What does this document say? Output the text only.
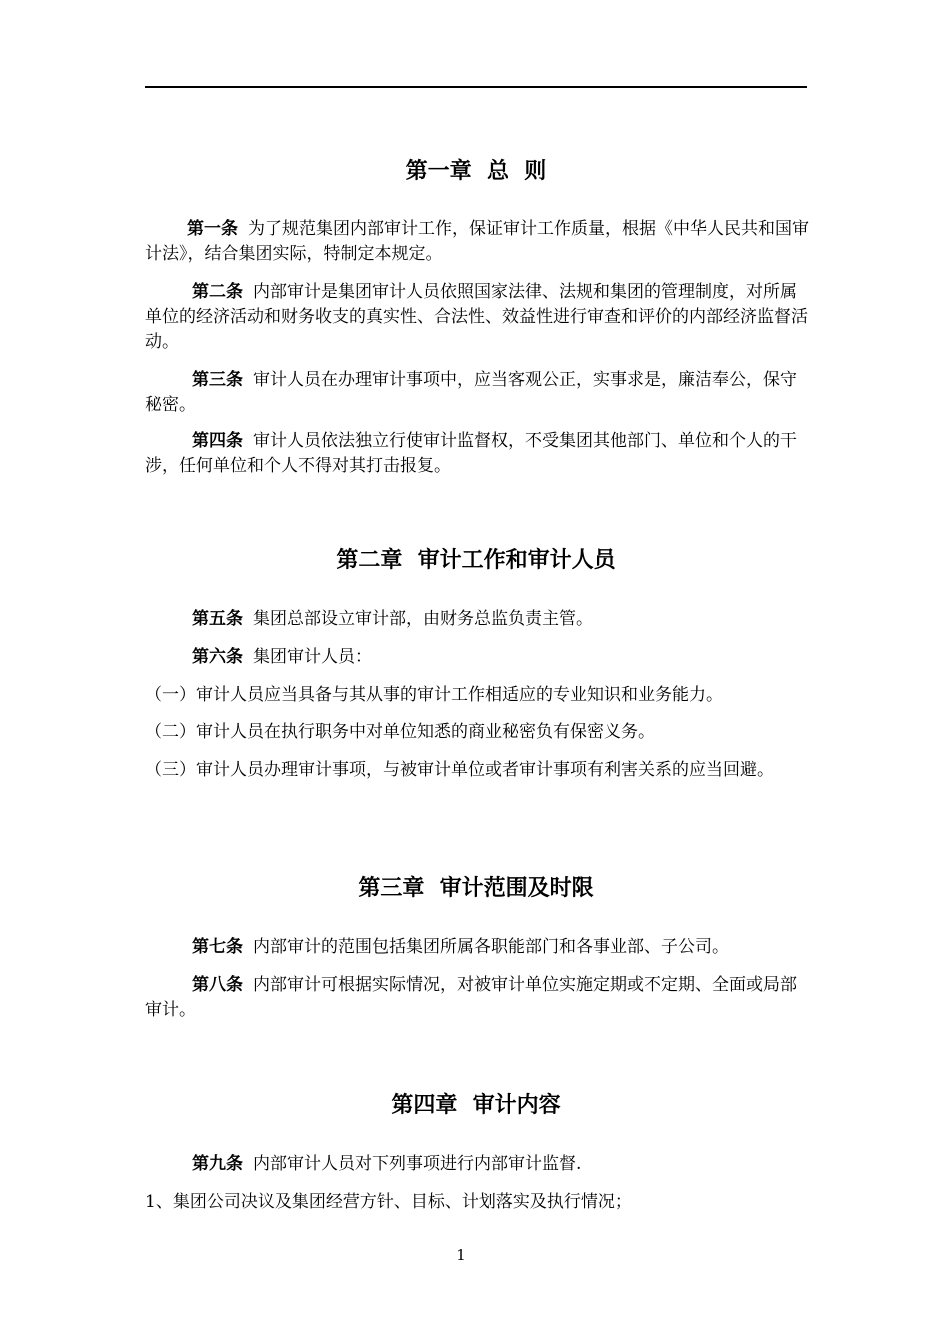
第一章  总  则

第一条 为了规范集团内部审计工作，保证审计工作质量，根据《中华人民共和国审计法》，结合集团实际，特制定本规定。

第二条 内部审计是集团审计人员依照国家法律、法规和集团的管理制度，对所属单位的经济活动和财务收支的真实性、合法性、效益性进行审查和评价的内部经济监督活动。

第三条 审计人员在办理审计事项中，应当客观公正，实事求是，廉洁奉公，保守秘密。

第四条 审计人员依法独立行使审计监督权，不受集团其他部门、单位和个人的干涉，任何单位和个人不得对其打击报复。

第二章  审计工作和审计人员

第五条 集团总部设立审计部，由财务总监负责主管。

第六条 集团审计人员：

（一）审计人员应当具备与其从事的审计工作相适应的专业知识和业务能力。

（二）审计人员在执行职务中对单位知悉的商业秘密负有保密义务。

（三）审计人员办理审计事项，与被审计单位或者审计事项有利害关系的应当回避。

第三章  审计范围及时限

第七条 内部审计的范围包括集团所属各职能部门和各事业部、子公司。

第八条 内部审计可根据实际情况，对被审计单位实施定期或不定期、全面或局部审计。

第四章  审计内容

第九条 内部审计人员对下列事项进行内部审计监督.

1、集团公司决议及集团经营方针、目标、计划落实及执行情况；

1
